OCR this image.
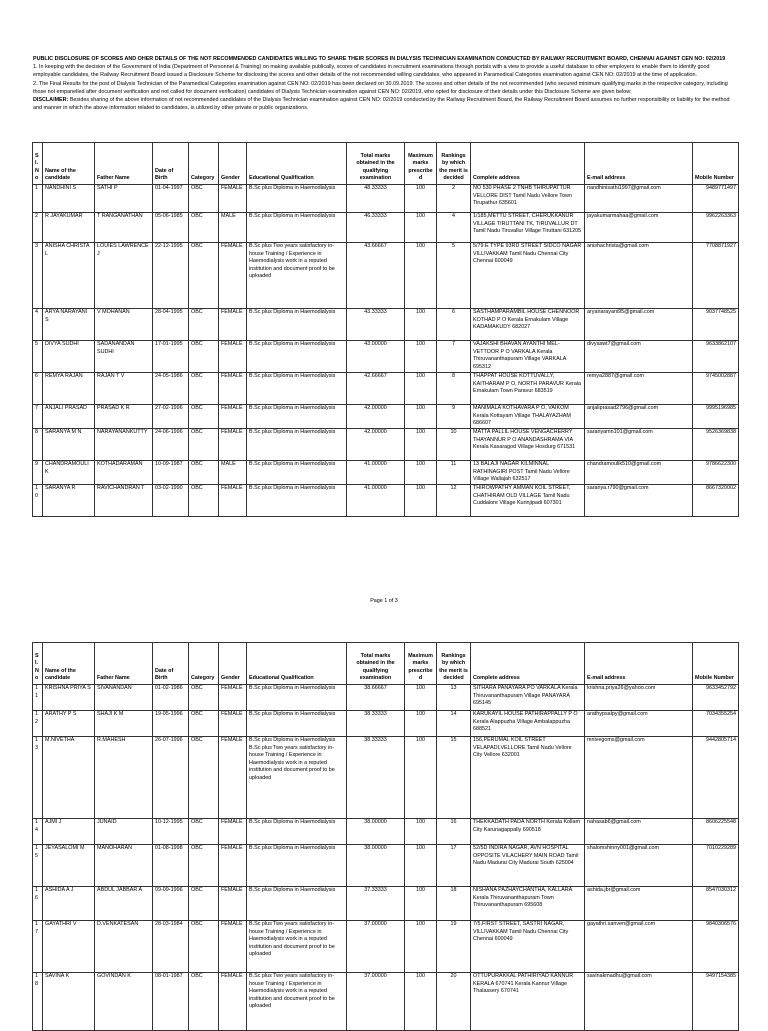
PUBLIC DISCLOSURE OF SCORES AND OHER DETAILS OF THE NOT RECOMMENDED CANDIDATES WILLING TO SHARE THEIR SCORES IN DIALYSIS TECHNICIAN EXAMINATION CONDUCTED BY RAILWAY RECRUITMENT BOARD, CHENNAI AGAINST CEN NO: 02/2019

1. In keeping with the decision of the Government of India (Department of Personnel & Training) on making available publically, scores of candidates in recruitment examinations through portals with a view to provide a useful database to other employers to enable them to identify good employable candidates, the Railway Recruitment Board issued a Disclosure Scheme for disclosing the scores and other details of the not recommended willing candidates, who appeared in Paramedical Categories examination against CEN NO: 02/2019 at the time of application.

2. The Final Results for the post of Dialysis Technician of the Paramedical Categories examination against CEN NO: 02/2019 has been declared on 30.09.2019. The scores and other details of the not recommended (who secured minimum qualifying marks in the respective category, including those not empanelled after document verification and not called for document verification) candidates of Dialysis Technician examination against CEN NO: 02/2019, who opted for disclosure of their details under this Disclosure Scheme are given below:

DISCLAIMER: Besides sharing of the above information of not recommended candidates of the Dialysis Technician examination against CEN NO: 02/2019 conducted by the Railway Recruitment Board, the Railway Recruitment Board assumes no further responsibility or liability for the method and manner in which the above information related to candidates, is utilized by other private or public organizations.

Sl. No	Name of the candidate	Father Name	Date of Birth	Category	Gender	Educational Qualification	Total marks obtained in the qualifying examination	Maximum marks prescribed	Rankings by which the merit is decided	Complete address	E-mail address	Mobile Number
1	NANDHINI S	SATHI P	01-04-1997	OBC	FEMALE	B.Sc plus Diploma in Haemodialysis	48.33333	100	2	NO 530 PHASE 2 TNHB THIRUPATTUR VELLORE DIST Tamil Nadu Vellore Town Tirupathur 635601	nandhinisathi1997@gmail.com	9489771497
2	R JAYAKUMAR	T RANGANATHAN	05-06-1985	OBC	MALE	B.Sc plus Diploma in Haemodialysis	46.33333	100	4	1/185,METTU STREET, CHERUKKANUR VILLAGE TIRUTTANI TK, TIRUVALLUR DT Tamil Nadu Tiruvallur Village Tiruttani 631205	jayakumarmahaa@gmail.com	9962263363
3	ANISHA CHRISTA L	LOUIES LAWRENCE J	22-12-1995	OBC	FEMALE	B.Sc plus Two years satisfactory in-house Training / Experience in Haemodialysis work in a reputed institution and document proof to be uploaded	43.66667	100	5	5/79 E TYPE 93RD STREET SIDCO NAGAR VILLIVAKKAM Tamil Nadu Chennai City Chennai 600049	anishachrista@gmail.com	7708871927
4	ARYA NARAYANI S	V MOHANAN	28-04-1995	OBC	FEMALE	B.Sc plus Diploma in Haemodialysis	43.33333	100	6	SASTHAMPARAMBIL HOUSE CHENNOOR KOTHAD P O Kerala Ernakulam Village KADAMAKUDY 682027	aryanarayani95@gmail.com	9037748525
5	DIVYA SUDHI	SADANANDAN SUDHI	17-01-1995	OBC	FEMALE	B.Sc plus Diploma in Haemodialysis	43.00000	100	7	VAJAKSHI BHAVAN AYANTHI MEL-VETTOOR P O VARKALA Kerala Thiruvananthapuram Village VARKALA 695312	divyaswt7@gmail.com	9633862107
6	REMYA RAJAN	RAJAN T V	24-05-1986	OBC	FEMALE	B.Sc plus Diploma in Haemodialysis	42.66667	100	8	THAPPAT HOUSE KOTTUVALLY, KAITHARAM P O, NORTH PARAVUR Kerala Ernakulam Town Paravur 683519	remya2887@gmail.com	9745002887
7	ANJALI PRASAD	PRASAD K R	27-02-1996	OBC	FEMALE	B.Sc plus Diploma in Haemodialysis	42.00000	100	9	MANIMALA KOTHAVARA P O, VAIKOM Kerala Kottayam Village THALAYAZHAM 686607	anjaliprasad2796@gmail.com	9995196985
8	SARANYA M N	NARAYANANKUTTY	24-06-1996	OBC	FEMALE	B.Sc plus Diploma in Haemodialysis	42.00000	100	10	MATTA PALLIL HOUSE VENGACHERRY THAYANNUR P O ANANDASHRAMA VIA Kerala Kasaragod Village Hosdurg 671531	saranyamn101@gmail.com	9526369838
9	CHANDRAMOULI K	KOTHADARAMAN	10-09-1987	OBC	MALE	B.Sc plus Diploma in Haemodialysis	41.00000	100	11	13 BALAJI NAGAR KILMINNAL RATHINAGIRI POST Tamil Nadu Vellore Village Wallajah 632517	chandramoulik510@gmail.com	9786622300
10	SARANYA R	RAVICHANDRAN T	03-02-1990	OBC	FEMALE	B.Sc plus Diploma in Haemodialysis	41.00000	100	12	THIROWPATHY AMMAN KOIL STREET, CHATHIRAM OLD VILLAGE Tamil Nadu Cuddalore Village Kurinjipadi 607301	saranya.r790@gmail.com	8667320002
Page 1 of 3
Sl. No	Name of the candidate	Father Name	Date of Birth	Category	Gender	Educational Qualification	Total marks obtained in the qualifying examination	Maximum marks prescribed	Rankings by which the merit is decided	Complete address	E-mail address	Mobile Number
11	KRISHNA PRIYA S	SIVANANDAN	01-02-1986	OBC	FEMALE	B.Sc plus Diploma in Haemodialysis	38.66667	100	13	SITHARA PANAYARA PO VARKALA Kerala Thiruvananthapuram Village PANAYARA 695145	krishna.priya26@yahoo.com	9633452792
12	ARATHY P S	SHAJI K M	19-05-1996	OBC	FEMALE	B.Sc plus Diploma in Haemodialysis	38.33333	100	14	KARUKAYIL HOUSE PATHIRAPPALLY P O Kerala Alappuzha Village Ambalappuzha 688521	arathypsalpy@gmail.com	7034355254
13	M.NIVETHA	R.MAHESH	26-07-1996	OBC	FEMALE	B.Sc plus Diploma in Haemodialysis B.Sc plus Two years satisfactory in-house Training / Experience in Haemodialysis work in a reputed institution and document proof to be uploaded	38.33333	100	15	156,PERUMAL KOIL STREET VELAPADI,VELLORE Tamil Nadu Vellore City Vellore 632001	mnivegoms@gmail.com	9442805714
14	AJMI J	JUNAID	10-12-1995	OBC	FEMALE	B.Sc plus Diploma in Haemodialysis	38.00000	100	16	THEKKADATH PADA NORTH Kerala Kollam City Karunagappally 690518	nahasab6@gmail.com	8606225548
15	JEYASALOMI M	MANOHARAN	01-08-1998	OBC	FEMALE	B.Sc plus Diploma in Haemodialysis	38.00000	100	17	52/5D INDIRA NAGAR, AVN HOSPITAL OPPOSITE VILACHERY MAIN ROAD Tamil Nadu Madurai City Madurai South 625004	shalomshinny001@gmail.com	7010229289
16	ASHIDA A J	ABDUL JABBAR A	09-09-1996	OBC	FEMALE	B.Sc plus Diploma in Haemodialysis	37.33333	100	18	NISHANA PAZHAYCHANTHA, KALLARA Kerala Thiruvananthapuram Town Thiruvananthapuram 695608	ashida.jbr@gmail.com	8547030312
17	GAYATHRI V	D.VENKATESAN	28-03-1984	OBC	FEMALE	B.Sc plus Two years satisfactory in-house Training / Experience in Haemodialysis work in a reputed institution and document proof to be uploaded	37.00000	100	19	7/5,FIRST STREET, SASTRI NAGAR, VILLIVAKKAM Tamil Nadu Chennai City Chennai 600049	gayathri.sanven@gmail.com	9840306576
18	SAVINA K	GOVINDAN K	08-01-1987	OBC	FEMALE	B.Sc plus Two years satisfactory in-house Training / Experience in Haemodialysis work in a reputed institution and document proof to be uploaded	37.00000	100	20	OTTUPURAKKAL PATHIRIYAD KANNUR KERALA 670741 Kerala Kannur Village Thalassery 670741	savinakmadhu@gmail.com	9497154385
